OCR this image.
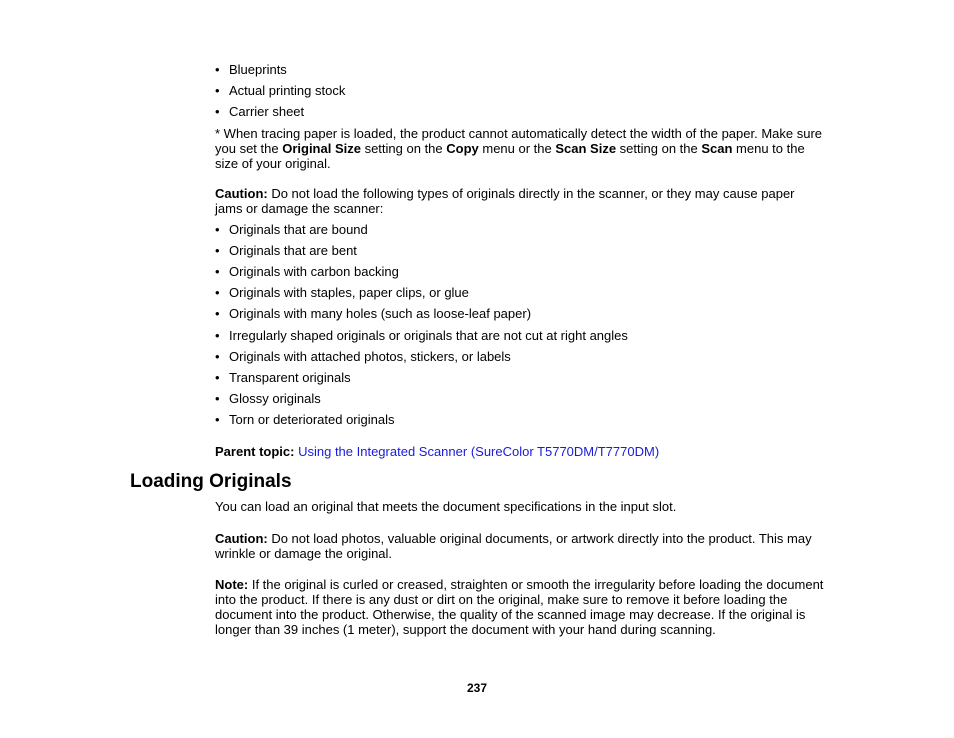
• Blueprints
• Actual printing stock
• Carrier sheet

* When tracing paper is loaded, the product cannot automatically detect the width of the paper. Make sure you set the Original Size setting on the Copy menu or the Scan Size setting on the Scan menu to the size of your original.

Caution: Do not load the following types of originals directly in the scanner, or they may cause paper jams or damage the scanner:

• Originals that are bound
• Originals that are bent
• Originals with carbon backing
• Originals with staples, paper clips, or glue
• Originals with many holes (such as loose-leaf paper)
• Irregularly shaped originals or originals that are not cut at right angles
• Originals with attached photos, stickers, or labels
• Transparent originals
• Glossy originals
• Torn or deteriorated originals

Parent topic: Using the Integrated Scanner (SureColor T5770DM/T7770DM)

Loading Originals

You can load an original that meets the document specifications in the input slot.

Caution: Do not load photos, valuable original documents, or artwork directly into the product. This may wrinkle or damage the original.

Note: If the original is curled or creased, straighten or smooth the irregularity before loading the document into the product. If there is any dust or dirt on the original, make sure to remove it before loading the document into the product. Otherwise, the quality of the scanned image may decrease. If the original is longer than 39 inches (1 meter), support the document with your hand during scanning.

237
